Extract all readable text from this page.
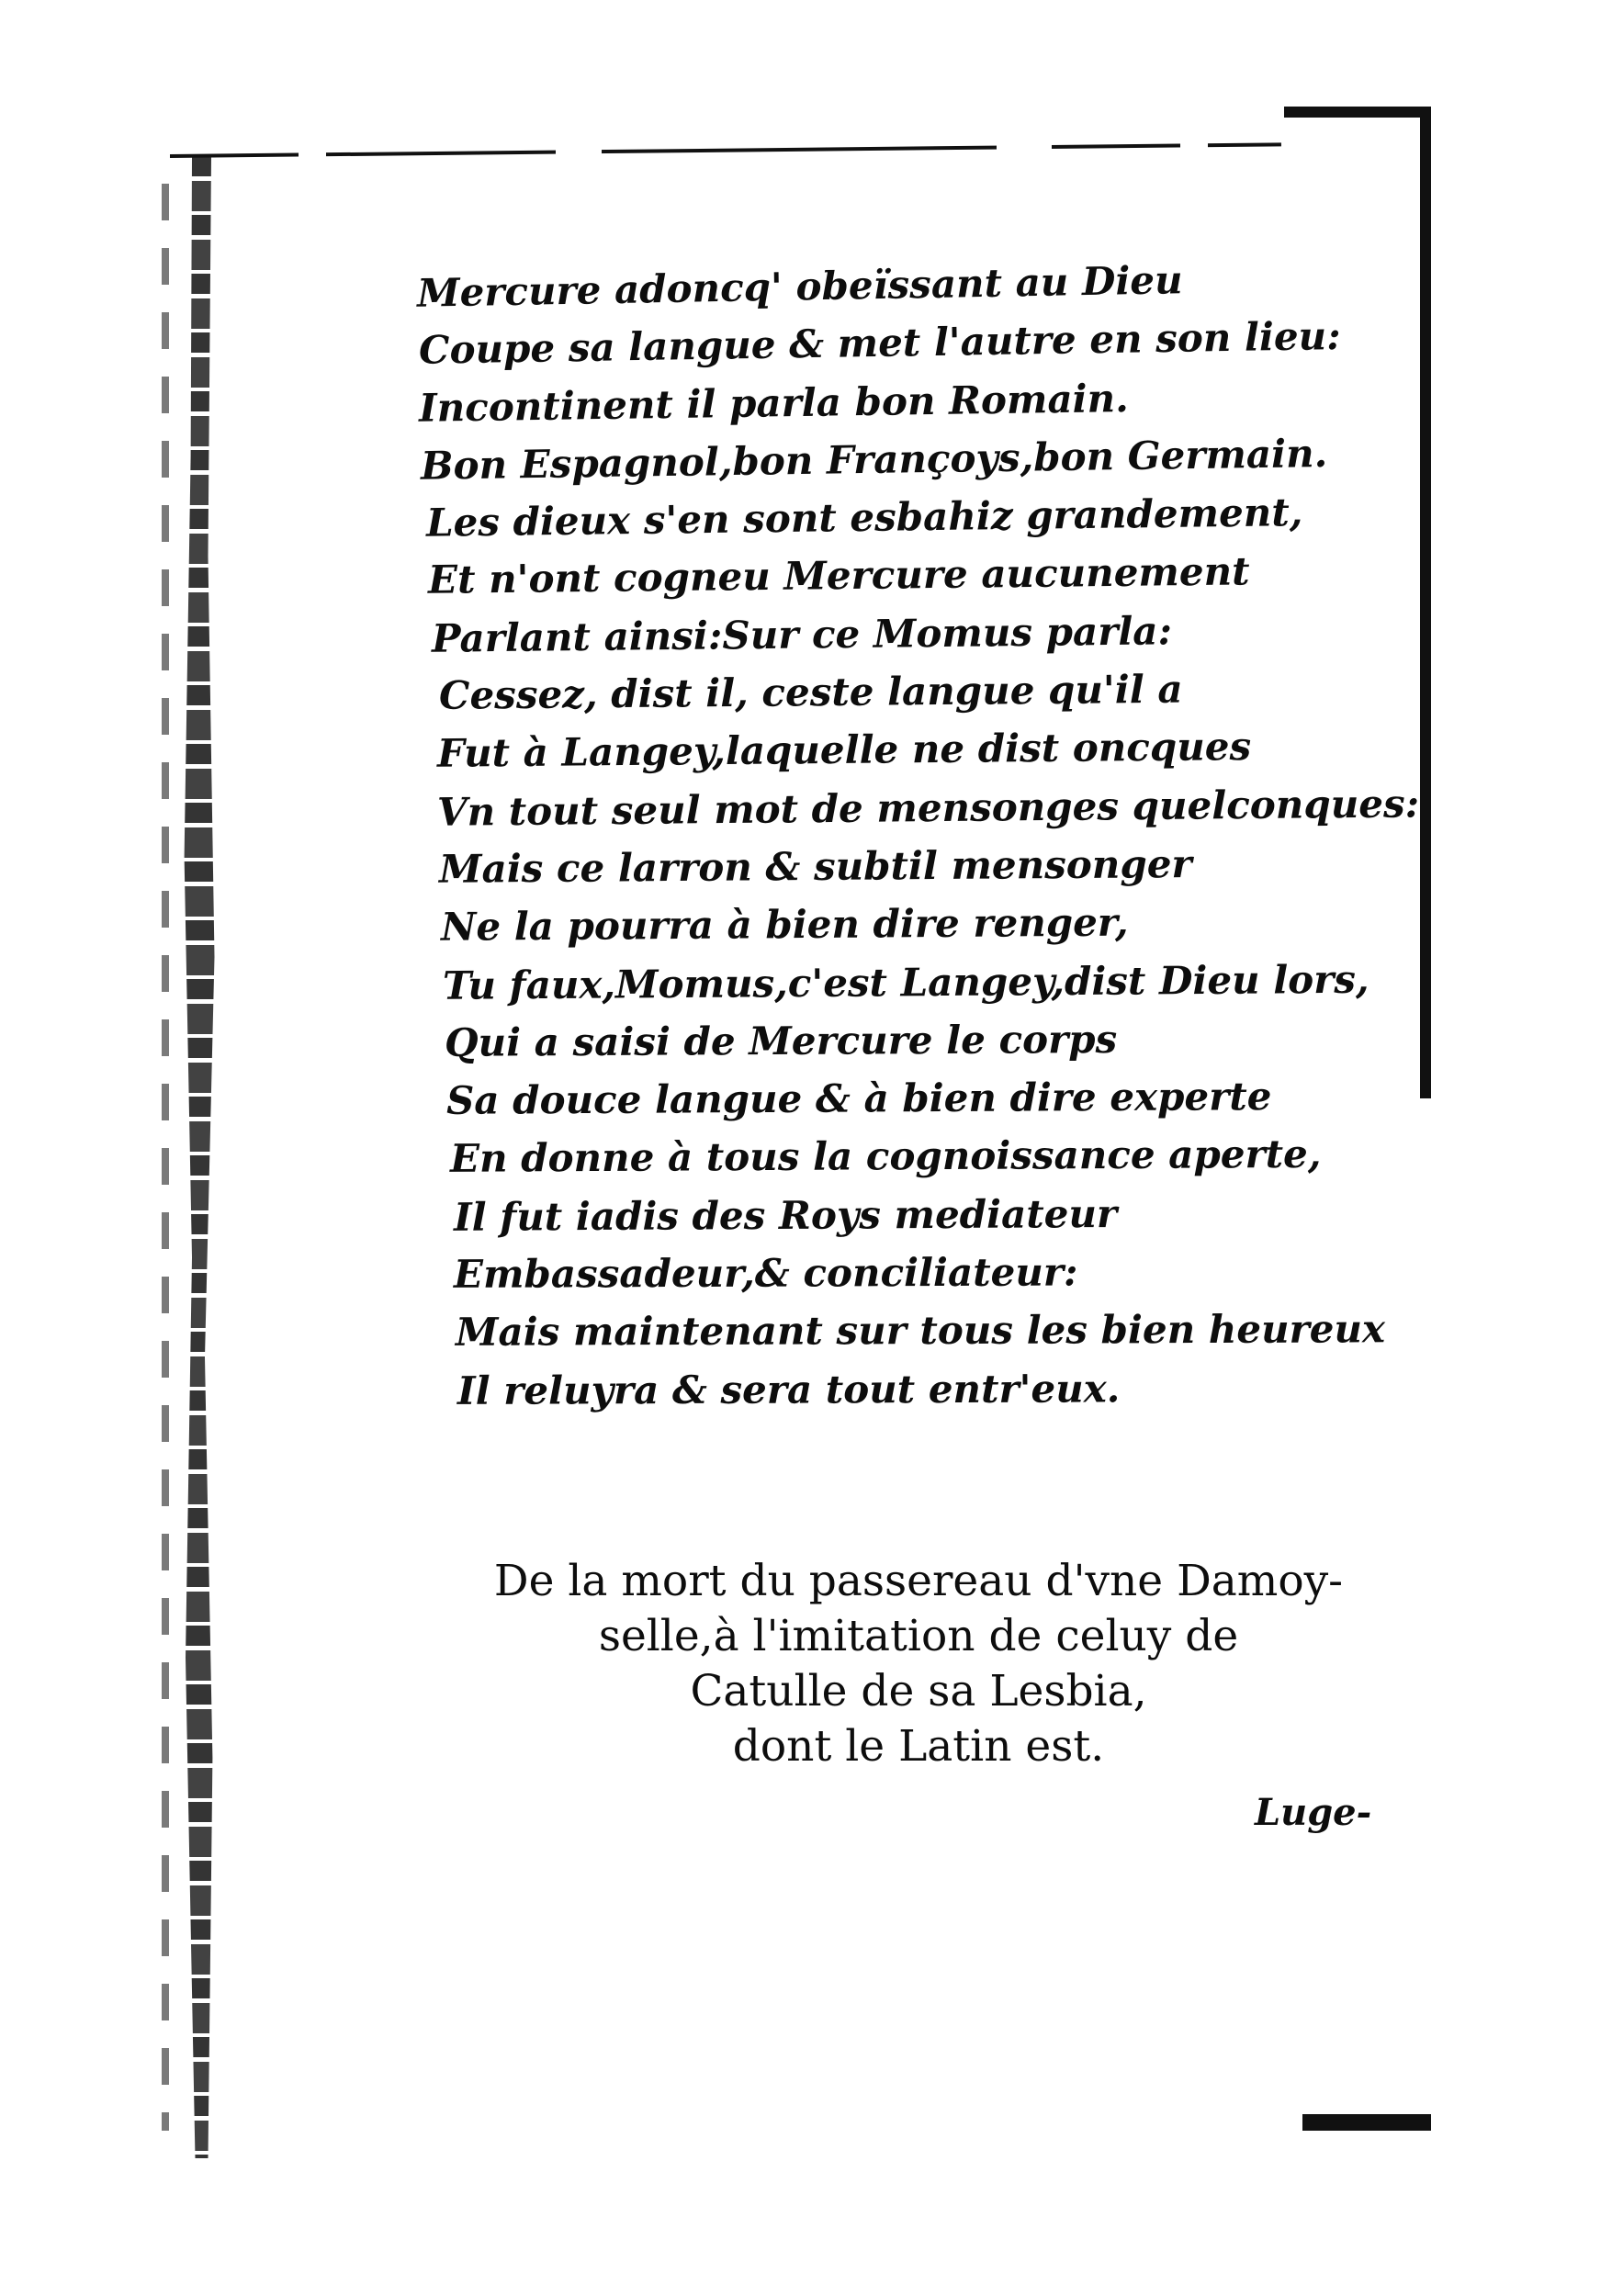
Mercure adoncq' obeïssant au Dieu
Coupe sa langue & met l'autre en son lieu:
Incontinent il parla bon Romain.
Bon Espagnol,bon Françoys,bon Germain.
Les dieux s'en sont esbahiz grandement,
Et n'ont cogneu Mercure aucunement
Parlant ainsi:Sur ce Momus parla:
Cessez, dist il, ceste langue qu'il a
Fut à Langey,laquelle ne dist oncques
Vn tout seul mot de mensonges quelconques:
Mais ce larron & subtil mensonger
Ne la pourra à bien dire renger,
Tu faux,Momus,c'est Langey,dist Dieu lors,
Qui a saisi de Mercure le corps
Sa douce langue & à bien dire experte
En donne à tous la cognoissance aperte,
Il fut iadis des Roys mediateur
Embassadeur,& conciliateur:
Mais maintenant sur tous les bien heureux
Il reluyra & sera tout entr'eux.
De la mort du passereau d'vne Damoy-
selle,à l'imitation de celuy de
Catulle de sa Lesbia,
dont le Latin est.
Luge-
